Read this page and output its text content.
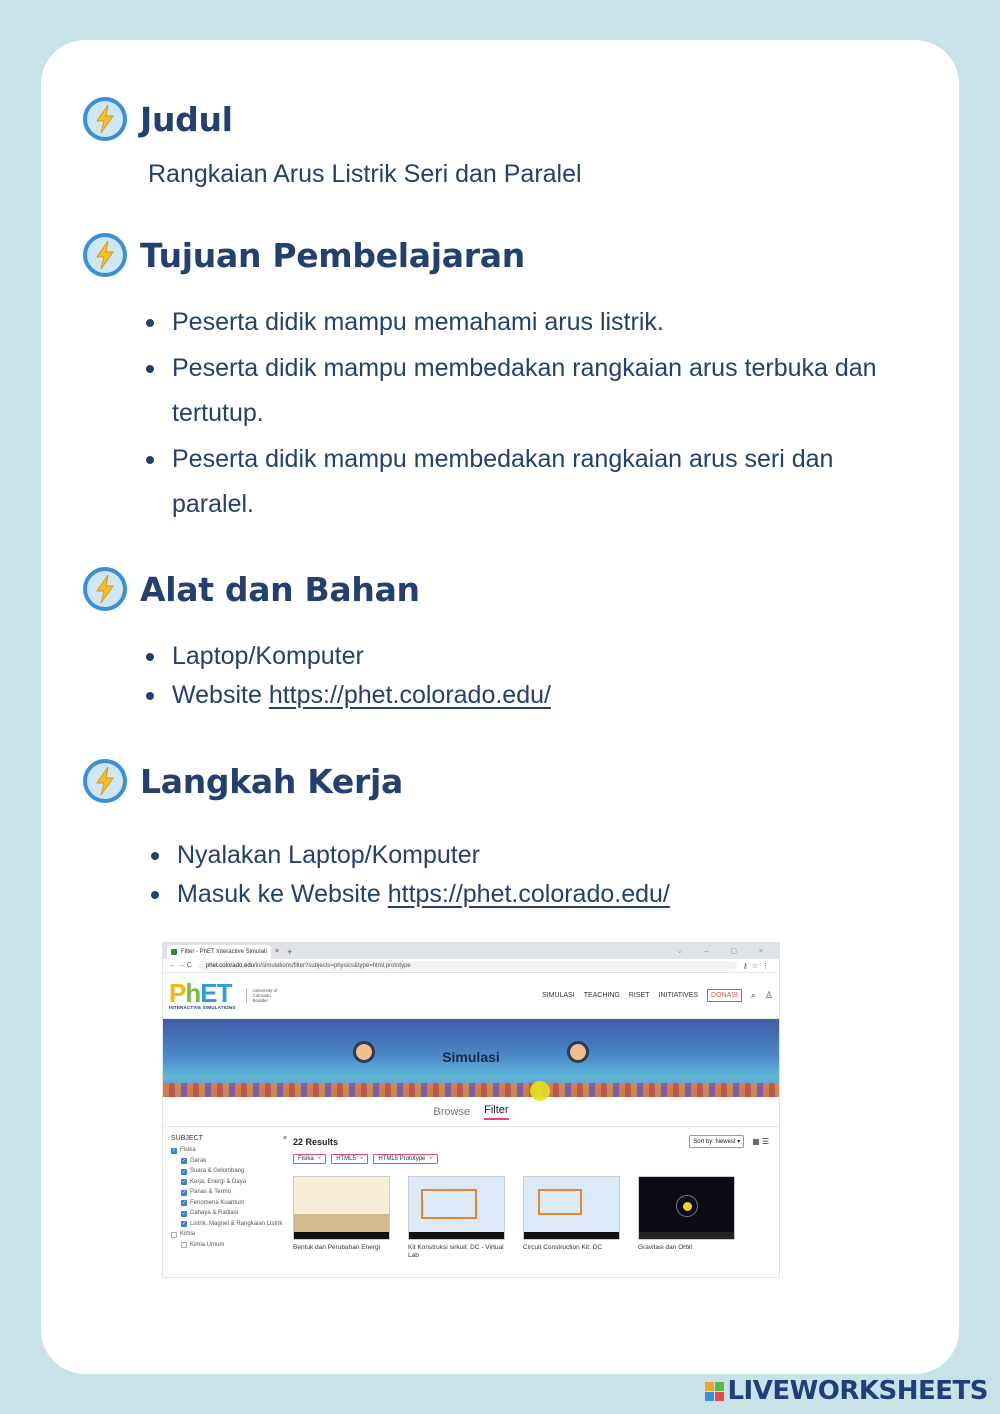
Judul
Rangkaian Arus Listrik Seri dan Paralel
Tujuan Pembelajaran
Peserta didik mampu memahami arus listrik.
Peserta didik mampu membedakan rangkaian arus terbuka dan tertutup.
Peserta didik mampu membedakan rangkaian arus seri dan paralel.
Alat dan Bahan
Laptop/Komputer
Website https://phet.colorado.edu/
Langkah Kerja
Nyalakan Laptop/Komputer
Masuk ke Website https://phet.colorado.edu/
Filter - PhET Interactive Simulati	× +	⌄ – ▢ ×
← → C	phet.colorado.edu/in/simulations/filter?subjects=physics&type=html,prototype	⚷☆⋮
PhET
INTERACTIVE SIMULATIONS
University of Colorado Boulder
SIMULASI TEACHING RISET INITIATIVES	DONASI	⌕ ♙
Simulasi
Browse Filter
SUBJECT	×
✓ Fisika
✓ Gerak
✓ Suara & Gelombang
✓ Kerja, Energi & Daya
✓ Panas & Termo
✓ Fenomena Kuantum
✓ Cahaya & Radiasi
✓ Listrik, Magnet & Rangkaian Listrik
Kimia
Kimia Umum
22 Results	Sort by: Newest ▾	▦☰
Fisika ×	HTML5 ×	HTML5 Prototype ×
Bentuk dan Perubahan Energi	Kit Konstruksi sirkuit: DC - Virtual Lab
Circuit Construction Kit: DC	Gravitasi dan Orbit
LIVEWORKSHEETS
